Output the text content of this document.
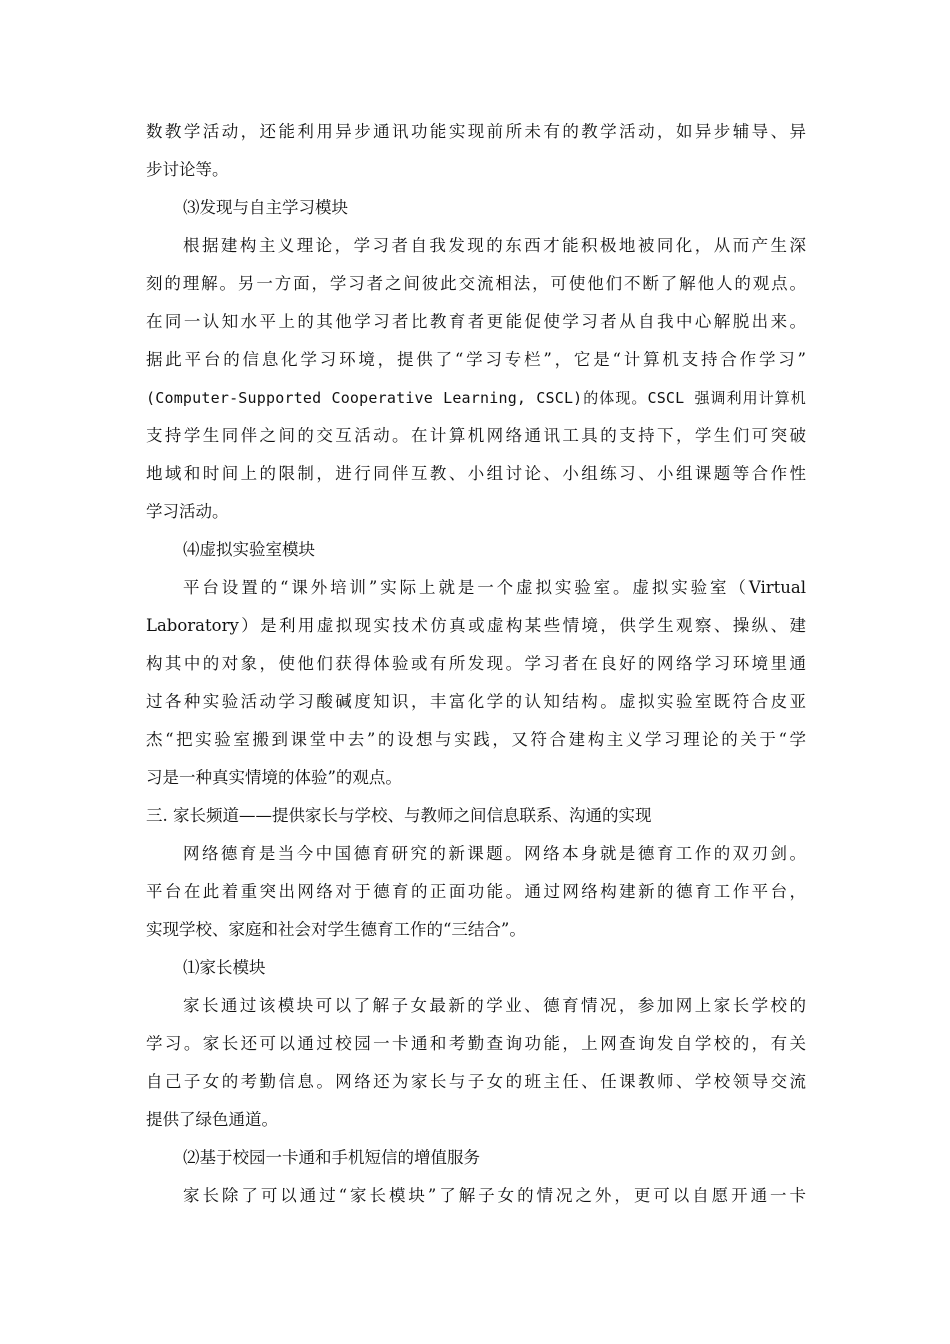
数教学活动，还能利用异步通讯功能实现前所未有的教学活动，如异步辅导、异
步讨论等。
⑶发现与自主学习模块
根据建构主义理论，学习者自我发现的东西才能积极地被同化，从而产生深
刻的理解。另一方面，学习者之间彼此交流相法，可使他们不断了解他人的观点。
在同一认知水平上的其他学习者比教育者更能促使学习者从自我中心解脱出来。
据此平台的信息化学习环境，提供了“学习专栏”，它是“计算机支持合作学习”
(Computer-Supported Cooperative Learning, CSCL)的体现。CSCL 强调利用计算机
支持学生同伴之间的交互活动。在计算机网络通讯工具的支持下，学生们可突破
地域和时间上的限制，进行同伴互教、小组讨论、小组练习、小组课题等合作性
学习活动。
⑷虚拟实验室模块
平台设置的“课外培训”实际上就是一个虚拟实验室。虚拟实验室（Virtual
Laboratory）是利用虚拟现实技术仿真或虚构某些情境，供学生观察、操纵、建
构其中的对象，使他们获得体验或有所发现。学习者在良好的网络学习环境里通
过各种实验活动学习酸碱度知识，丰富化学的认知结构。虚拟实验室既符合皮亚
杰“把实验室搬到课堂中去”的设想与实践，又符合建构主义学习理论的关于“学
习是一种真实情境的体验”的观点。
三. 家长频道——提供家长与学校、与教师之间信息联系、沟通的实现
网络德育是当今中国德育研究的新课题。网络本身就是德育工作的双刃剑。
平台在此着重突出网络对于德育的正面功能。通过网络构建新的德育工作平台，
实现学校、家庭和社会对学生德育工作的“三结合”。
⑴家长模块
家长通过该模块可以了解子女最新的学业、德育情况，参加网上家长学校的
学习。家长还可以通过校园一卡通和考勤查询功能，上网查询发自学校的，有关
自己子女的考勤信息。网络还为家长与子女的班主任、任课教师、学校领导交流
提供了绿色通道。
⑵基于校园一卡通和手机短信的增值服务
家长除了可以通过“家长模块”了解子女的情况之外，更可以自愿开通一卡
